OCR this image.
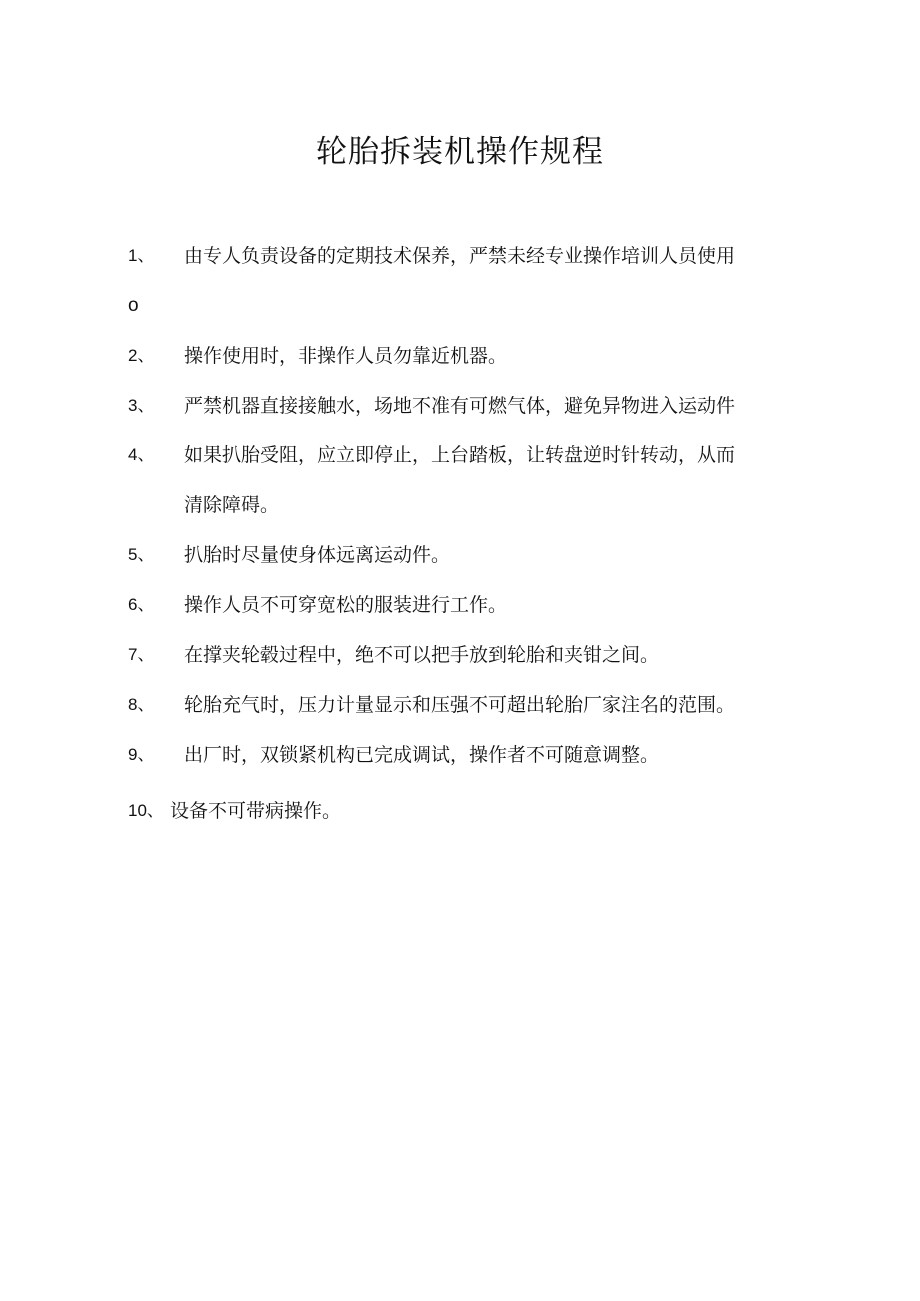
轮胎拆装机操作规程
1、 由专人负责设备的定期技术保养，严禁未经专业操作培训人员使用
o
2、 操作使用时，非操作人员勿靠近机器。
3、 严禁机器直接接触水，场地不准有可燃气体，避免异物进入运动件
4、 如果扒胎受阻，应立即停止，上台踏板，让转盘逆时针转动，从而
清除障碍。
5、 扒胎时尽量使身体远离运动件。
6、 操作人员不可穿宽松的服装进行工作。
7、 在撑夹轮毂过程中，绝不可以把手放到轮胎和夹钳之间。
8、 轮胎充气时，压力计量显示和压强不可超出轮胎厂家注名的范围。
9、 出厂时，双锁紧机构已完成调试，操作者不可随意调整。
10、 设备不可带病操作。
